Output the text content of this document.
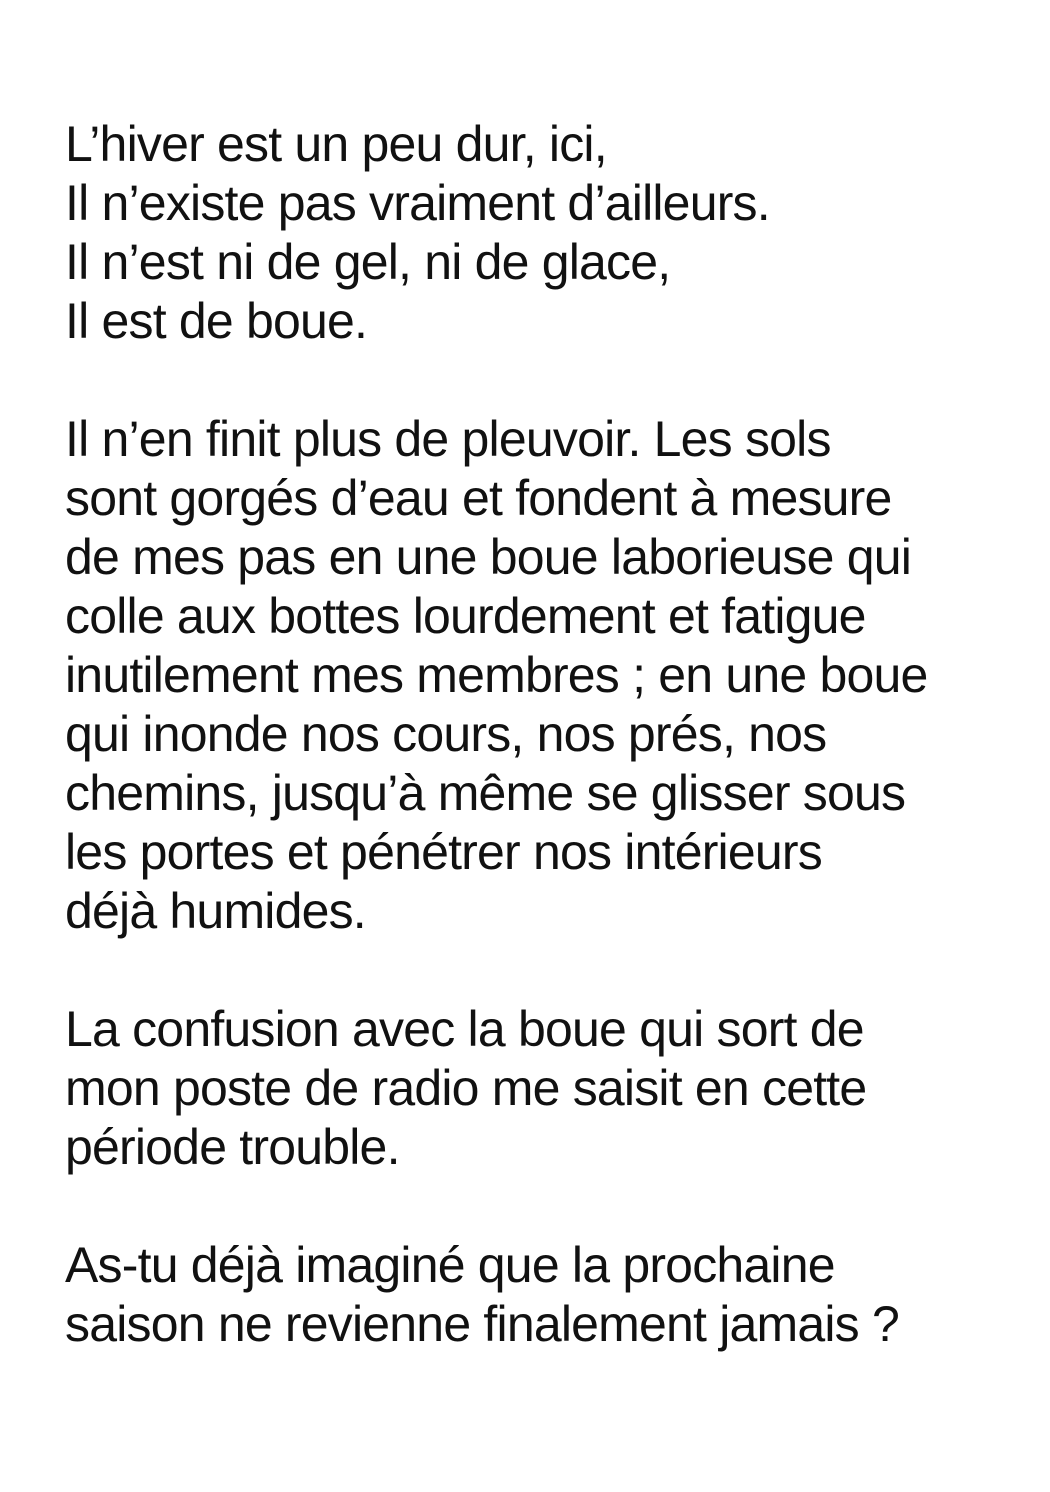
L’hiver est un peu dur, ici,
Il n’existe pas vraiment d’ailleurs.
Il n’est ni de gel, ni de glace,
Il est de boue.

Il n’en finit plus de pleuvoir. Les sols
sont gorgés d’eau et fondent à mesure
de mes pas en une boue laborieuse qui
colle aux bottes lourdement et fatigue
inutilement mes membres ; en une boue
qui inonde nos cours, nos prés, nos
chemins, jusqu’à même se glisser sous
les portes et pénétrer nos intérieurs
déjà humides.

La confusion avec la boue qui sort de
mon poste de radio me saisit en cette
période trouble.

As-tu déjà imaginé que la prochaine
saison ne revienne finalement jamais ?
